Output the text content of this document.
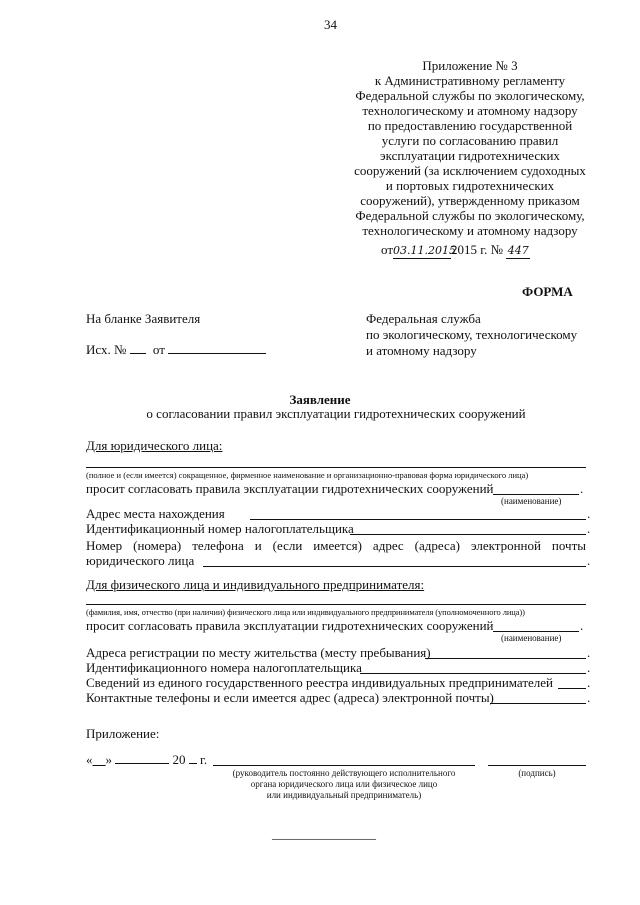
34
Приложение № 3
к Административному регламенту
Федеральной службы по экологическому,
технологическому и атомному надзору
по предоставлению государственной
услуги по согласованию правил
эксплуатации гидротехнических
сооружений (за исключением судоходных
и портовых гидротехнических
сооружений), утвержденному приказом
Федеральной службы по экологическому,
технологическому и атомному надзору
от03.11.20152015 г. № 447
ФОРМА
На бланке Заявителя
Исх. № от
Федеральная служба
по экологическому, технологическому
и атомному надзору
Заявление
о согласовании правил эксплуатации гидротехнических сооружений
Для юридического лица:
(полное и (если имеется) сокращенное, фирменное наименование и организационно-правовая форма юридического лица)
просит согласовать правила эксплуатации гидротехнических сооружений	.
(наименование)
Адрес места нахождения	.
Идентификационный номер налогоплательщика	.
Номер (номера) телефона и (если имеется) адрес (адреса) электронной почты
юридического лица	.
Для физического лица и индивидуального предпринимателя:
(фамилия, имя, отчество (при наличии) физического лица или индивидуального предпринимателя (уполномоченного лица))
просит согласовать правила эксплуатации гидротехнических сооружений	.
(наименование)
Адреса регистрации по месту жительства (месту пребывания)	.
Идентификационного номера налогоплательщика	.
Сведений из единого государственного реестра индивидуальных предпринимателей	.
Контактные телефоны и если имеется адрес (адреса) электронной почты)	.
Приложение:
«__»	20 г.
(руководитель постоянно действующего исполнительного
органа юридического лица или физическое лицо
или индивидуальный предприниматель)
(подпись)
________________
